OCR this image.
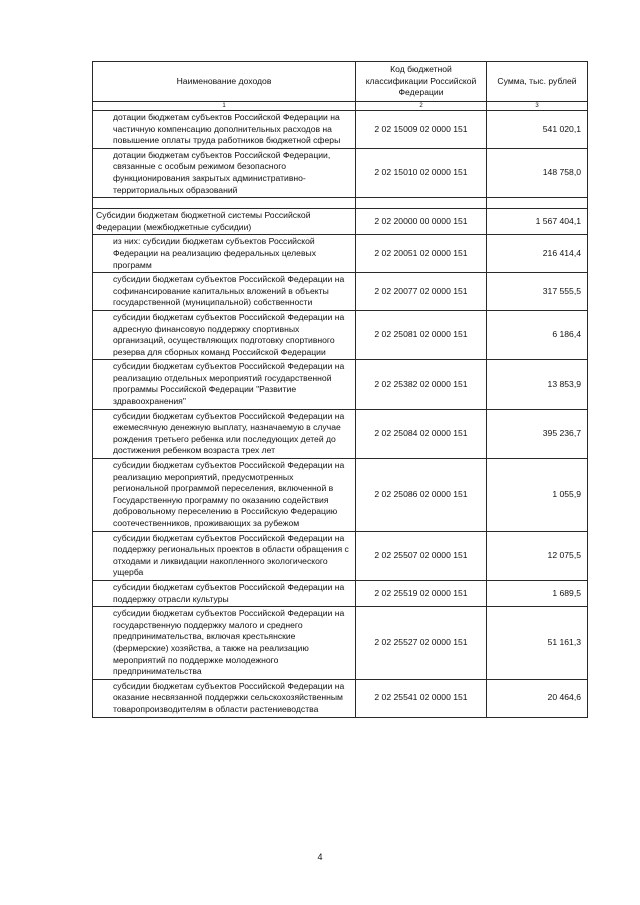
Наименование доходов	Код бюджетной классификации Российской Федерации	Сумма, тыс. рублей
1	2	3
дотации бюджетам субъектов Российской Федерации на частичную компенсацию дополнительных расходов на повышение оплаты труда работников бюджетной сферы	2 02 15009 02 0000 151	541 020,1
дотации бюджетам субъектов Российской Федерации, связанные с особым режимом безопасного функционирования закрытых административно-территориальных образований	2 02 15010 02 0000 151	148 758,0

Субсидии бюджетам бюджетной системы Российской Федерации (межбюджетные субсидии)	2 02 20000 00 0000 151	1 567 404,1
из них: субсидии бюджетам субъектов Российской Федерации на реализацию федеральных целевых программ	2 02 20051 02 0000 151	216 414,4
субсидии бюджетам субъектов Российской Федерации на софинансирование капитальных вложений в объекты государственной (муниципальной) собственности	2 02 20077 02 0000 151	317 555,5
субсидии бюджетам субъектов Российской Федерации на адресную финансовую поддержку спортивных организаций, осуществляющих подготовку спортивного резерва для сборных команд Российской Федерации	2 02 25081 02 0000 151	6 186,4
субсидии бюджетам субъектов Российской Федерации на реализацию отдельных мероприятий государственной программы Российской Федерации "Развитие здравоохранения"	2 02 25382 02 0000 151	13 853,9
субсидии бюджетам субъектов Российской Федерации на ежемесячную денежную выплату, назначаемую в случае рождения третьего ребенка или последующих детей до достижения ребенком возраста трех лет	2 02 25084 02 0000 151	395 236,7
субсидии бюджетам субъектов Российской Федерации на реализацию мероприятий, предусмотренных региональной программой переселения, включенной в Государственную программу по оказанию содействия добровольному переселению в Российскую Федерацию соотечественников, проживающих за рубежом	2 02 25086 02 0000 151	1 055,9
субсидии бюджетам субъектов Российской Федерации на поддержку региональных проектов в области обращения с отходами и ликвидации накопленного экологического ущерба	2 02 25507 02 0000 151	12 075,5
субсидии бюджетам субъектов Российской Федерации на поддержку отрасли культуры	2 02 25519 02 0000 151	1 689,5
субсидии бюджетам субъектов Российской Федерации на государственную поддержку малого и среднего предпринимательства, включая крестьянские (фермерские) хозяйства, а также на реализацию мероприятий по поддержке молодежного предпринимательства	2 02 25527 02 0000 151	51 161,3
субсидии бюджетам субъектов Российской Федерации на оказание несвязанной поддержки сельскохозяйственным товаропроизводителям в области растениеводства	2 02 25541 02 0000 151	20 464,6
4
